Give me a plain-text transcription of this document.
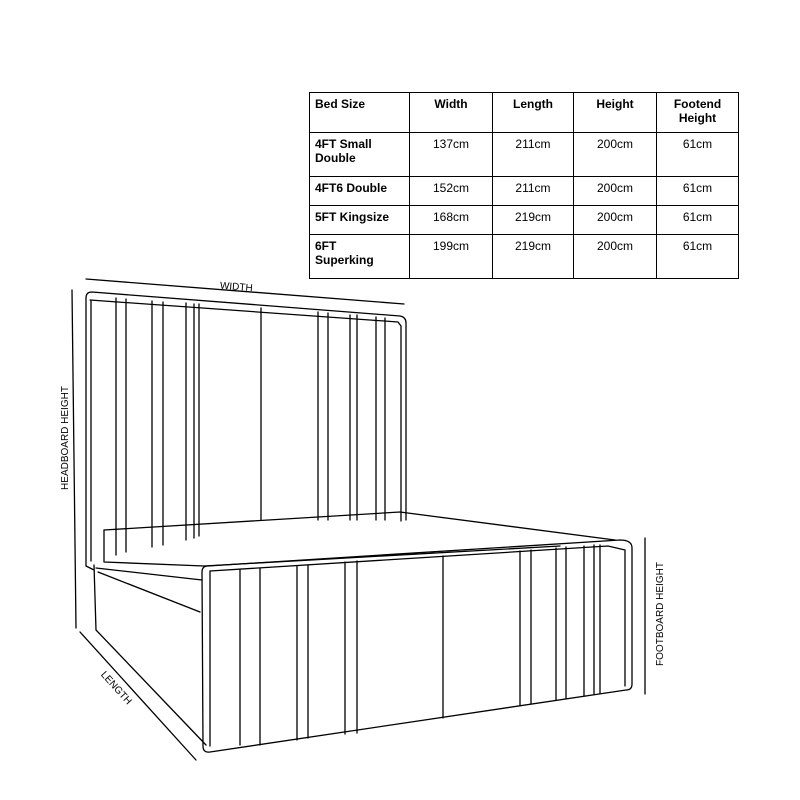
WIDTH
HEADBOARD HEIGHT
LENGTH
FOOTBOARD HEIGHT
Bed Size	Width	Length	Height	Footend
Height
4FT Small
Double	137cm	211cm	200cm	61cm
4FT6 Double	152cm	211cm	200cm	61cm
5FT Kingsize	168cm	219cm	200cm	61cm
6FT
Superking	199cm	219cm	200cm	61cm
